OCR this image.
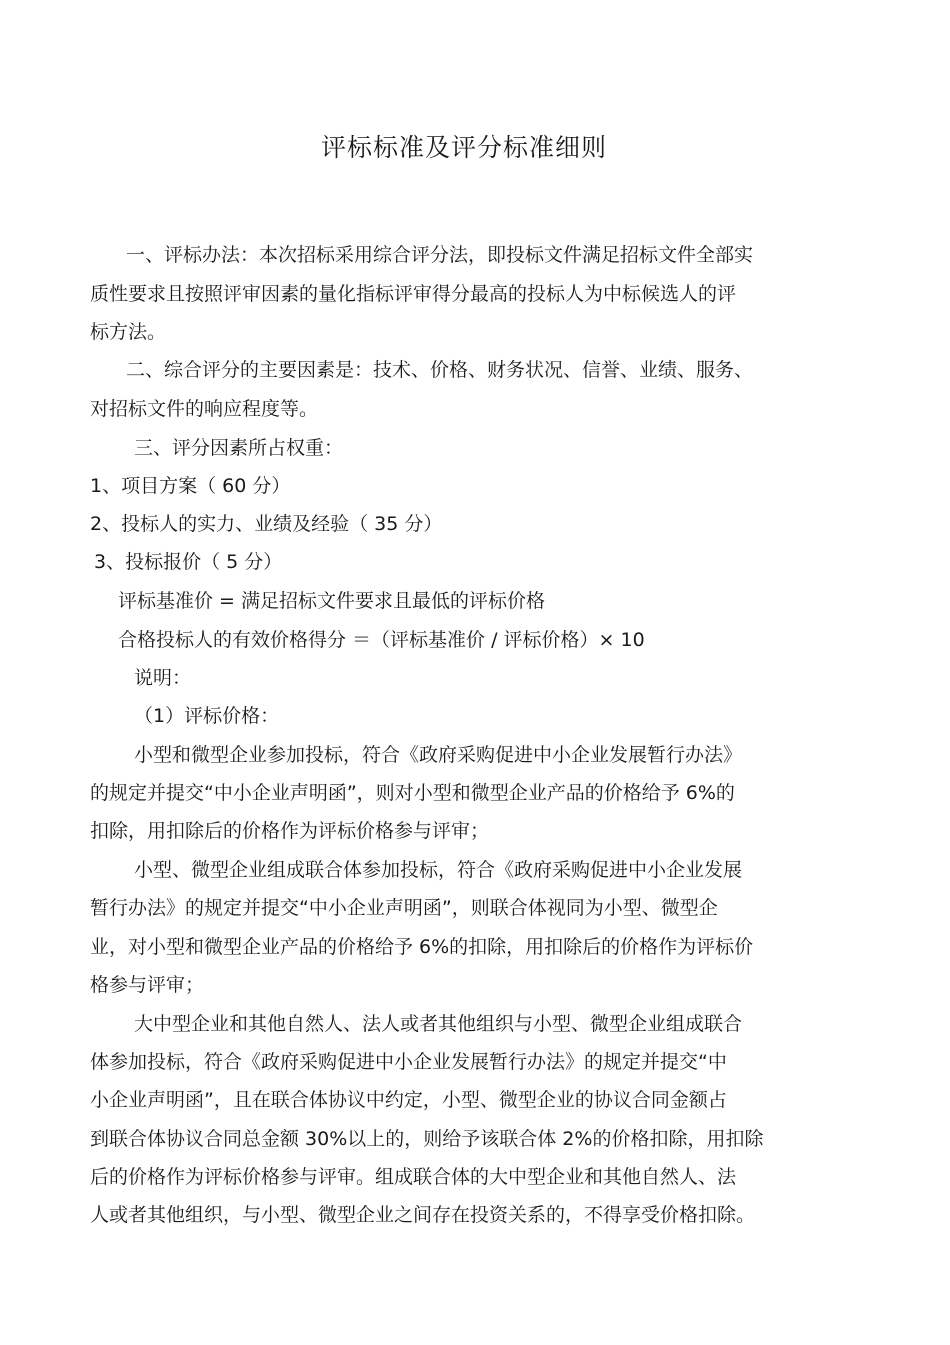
评标标准及评分标准细则
一、评标办法：本次招标采用综合评分法，即投标文件满足招标文件全部实
质性要求且按照评审因素的量化指标评审得分最高的投标人为中标候选人的评
标方法。
二、综合评分的主要因素是：技术、价格、财务状况、信誉、业绩、服务、
对招标文件的响应程度等。
三、评分因素所占权重：
1、项目方案（ 60 分）
2、投标人的实力、业绩及经验（ 35 分）
3、投标报价（ 5 分）
评标基准价 = 满足招标文件要求且最低的评标价格
合格投标人的有效价格得分 ＝（评标基准价 / 评标价格）× 10
说明：
（1）评标价格：
小型和微型企业参加投标，符合《政府采购促进中小企业发展暂行办法》
的规定并提交“中小企业声明函”，则对小型和微型企业产品的价格给予 6%的
扣除，用扣除后的价格作为评标价格参与评审；
小型、微型企业组成联合体参加投标，符合《政府采购促进中小企业发展
暂行办法》的规定并提交“中小企业声明函”，则联合体视同为小型、微型企
业，对小型和微型企业产品的价格给予 6%的扣除，用扣除后的价格作为评标价
格参与评审；
大中型企业和其他自然人、法人或者其他组织与小型、微型企业组成联合
体参加投标，符合《政府采购促进中小企业发展暂行办法》的规定并提交“中
小企业声明函”，且在联合体协议中约定，小型、微型企业的协议合同金额占
到联合体协议合同总金额 30%以上的，则给予该联合体 2%的价格扣除，用扣除
后的价格作为评标价格参与评审。组成联合体的大中型企业和其他自然人、法
人或者其他组织，与小型、微型企业之间存在投资关系的，不得享受价格扣除。
